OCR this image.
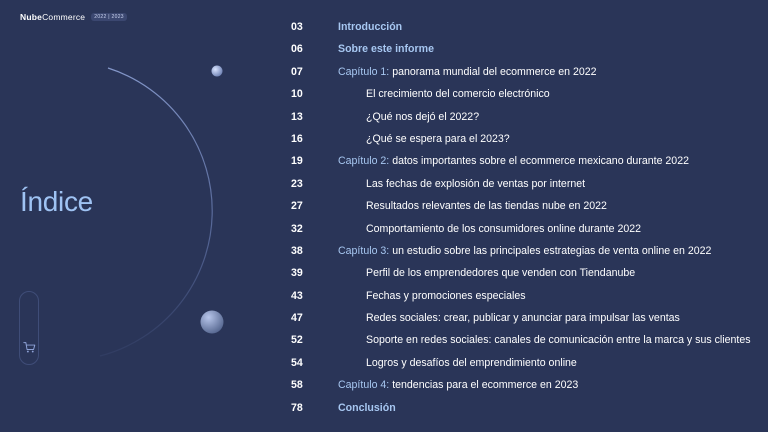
NubeCommerce	2022 | 2023
Índice
03	Introducción
06	Sobre este informe
07	Capítulo 1: panorama mundial del ecommerce en 2022
10	El crecimiento del comercio electrónico
13	¿Qué nos dejó el 2022?
16	¿Qué se espera para el 2023?
19	Capítulo 2: datos importantes sobre el ecommerce mexicano durante 2022
23	Las fechas de explosión de ventas por internet
27	Resultados relevantes de las tiendas nube en 2022
32	Comportamiento de los consumidores online durante 2022
38	Capítulo 3: un estudio sobre las principales estrategias de venta online en 2022
39	Perfil de los emprendedores que venden con Tiendanube
43	Fechas y promociones especiales
47	Redes sociales: crear, publicar y anunciar para impulsar las ventas
52	Soporte en redes sociales: canales de comunicación entre la marca y sus clientes
54	Logros y desafíos del emprendimiento online
58	Capítulo 4: tendencias para el ecommerce en 2023
78	Conclusión
